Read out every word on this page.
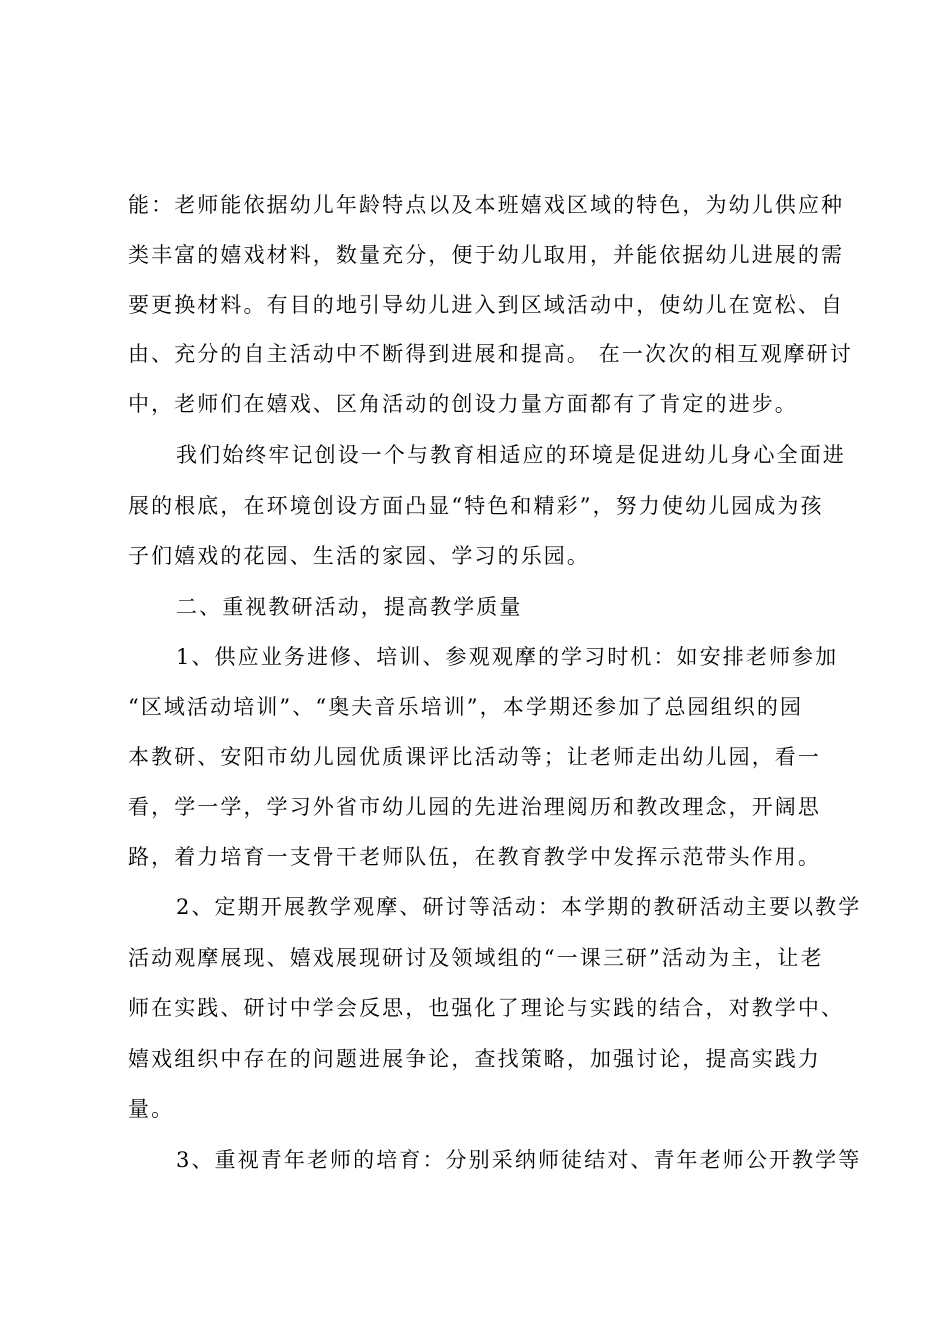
能：老师能依据幼儿年龄特点以及本班嬉戏区域的特色，为幼儿供应种
类丰富的嬉戏材料，数量充分，便于幼儿取用，并能依据幼儿进展的需
要更换材料。有目的地引导幼儿进入到区域活动中，使幼儿在宽松、自
由、充分的自主活动中不断得到进展和提高。 在一次次的相互观摩研讨
中，老师们在嬉戏、区角活动的创设力量方面都有了肯定的进步。
我们始终牢记创设一个与教育相适应的环境是促进幼儿身心全面进
展的根底，在环境创设方面凸显“特色和精彩”，努力使幼儿园成为孩
子们嬉戏的花园、生活的家园、学习的乐园。
二、重视教研活动，提高教学质量
1、供应业务进修、培训、参观观摩的学习时机：如安排老师参加
“区域活动培训”、“奥夫音乐培训”，本学期还参加了总园组织的园
本教研、安阳市幼儿园优质课评比活动等；让老师走出幼儿园，看一
看，学一学，学习外省市幼儿园的先进治理阅历和教改理念，开阔思
路，着力培育一支骨干老师队伍，在教育教学中发挥示范带头作用。
2、定期开展教学观摩、研讨等活动：本学期的教研活动主要以教学
活动观摩展现、嬉戏展现研讨及领域组的“一课三研”活动为主，让老
师在实践、研讨中学会反思，也强化了理论与实践的结合，对教学中、
嬉戏组织中存在的问题进展争论，查找策略，加强讨论，提高实践力
量。
3、重视青年老师的培育：分别采纳师徒结对、青年老师公开教学等
